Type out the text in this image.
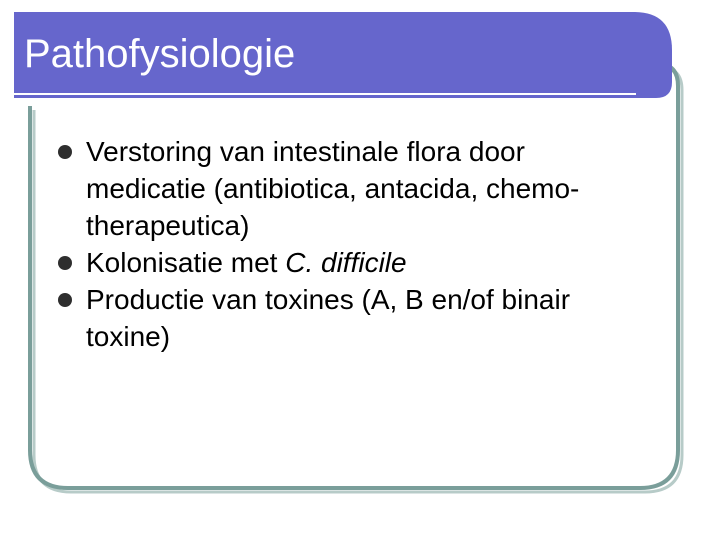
Pathofysiologie
Verstoring van intestinale flora door
medicatie (antibiotica, antacida, chemo-
therapeutica)
Kolonisatie met C. difficile
Productie van toxines (A, B en/of binair
toxine)
